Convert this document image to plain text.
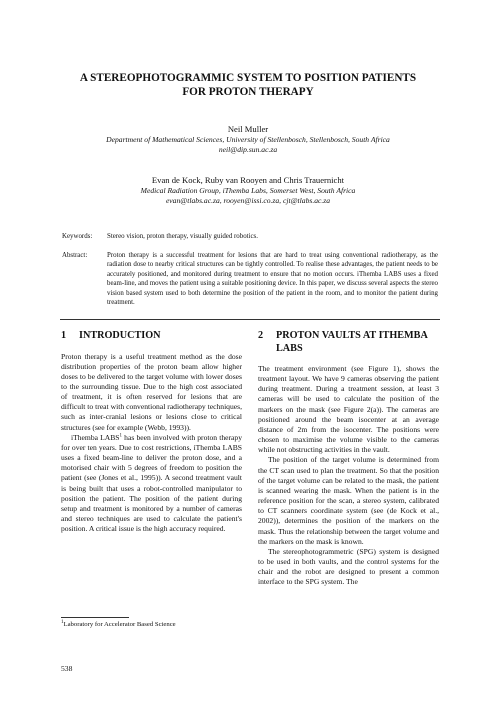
A STEREOPHOTOGRAMMIC SYSTEM TO POSITION PATIENTS
FOR PROTON THERAPY
Neil Muller
Department of Mathematical Sciences, University of Stellenbosch, Stellenbosch, South Africa
neil@dip.sun.ac.za
Evan de Kock, Ruby van Rooyen and Chris Trauernicht
Medical Radiation Group, iThemba Labs, Somerset West, South Africa
evan@tlabs.ac.za, rooyen@issi.co.za, cjt@tlabs.ac.za
Keywords: Stereo vision, proton therapy, visually guided robotics.
Abstract:	Proton therapy is a successful treatment for lesions that are hard to treat using conventional radiotherapy, as the radiation dose to nearby critical structures can be tightly controlled. To realise these advantages, the patient needs to be accurately positioned, and monitored during treatment to ensure that no motion occurs. iThemba LABS uses a fixed beam-line, and moves the patient using a suitable positioning device. In this paper, we discuss several aspects the stereo vision based system used to both determine the position of the patient in the room, and to monitor the patient during treatment.
1	INTRODUCTION

Proton therapy is a useful treatment method as the dose distribution properties of the proton beam allow higher doses to be delivered to the target volume with lower doses to the surrounding tissue. Due to the high cost associated of treatment, it is often reserved for lesions that are difficult to treat with conventional radiotherapy techniques, such as inter-cranial lesions or lesions close to critical structures (see for example (Webb, 1993)).

iThemba LABS$^1$ has been involved with proton therapy for over ten years. Due to cost restrictions, iThemba LABS uses a fixed beam-line to deliver the proton dose, and a motorised chair with 5 degrees of freedom to position the patient (see (Jones et al., 1995)). A second treatment vault is being built that uses a robot-controlled manipulator to position the patient. The position of the patient during setup and treatment is monitored by a number of cameras and stereo techniques are used to calculate the patient's position. A critical issue is the high accuracy required.

2	PROTON VAULTS AT ITHEMBA LABS

The treatment environment (see Figure 1), shows the treatment layout. We have 9 cameras observing the patient during treatment. During a treatment session, at least 3 cameras will be used to calculate the position of the markers on the mask (see Figure 2(a)). The cameras are positioned around the beam isocenter at an average distance of 2m from the isocenter. The positions were chosen to maximise the volume visible to the cameras while not obstructing activities in the vault.

The position of the target volume is determined from the CT scan used to plan the treatment. So that the position of the target volume can be related to the mask, the patient is scanned wearing the mask. When the patient is in the reference position for the scan, a stereo system, calibrated to CT scanners coordinate system (see (de Kock et al., 2002)), determines the position of the markers on the mask. Thus the relationship between the target volume and the markers on the mask is known.

The stereophotogrammetric (SPG) system is designed to be used in both vaults, and the control systems for the chair and the robot are designed to present a common interface to the SPG system. The

$^1$Laboratory for Accelerator Based Science
538
